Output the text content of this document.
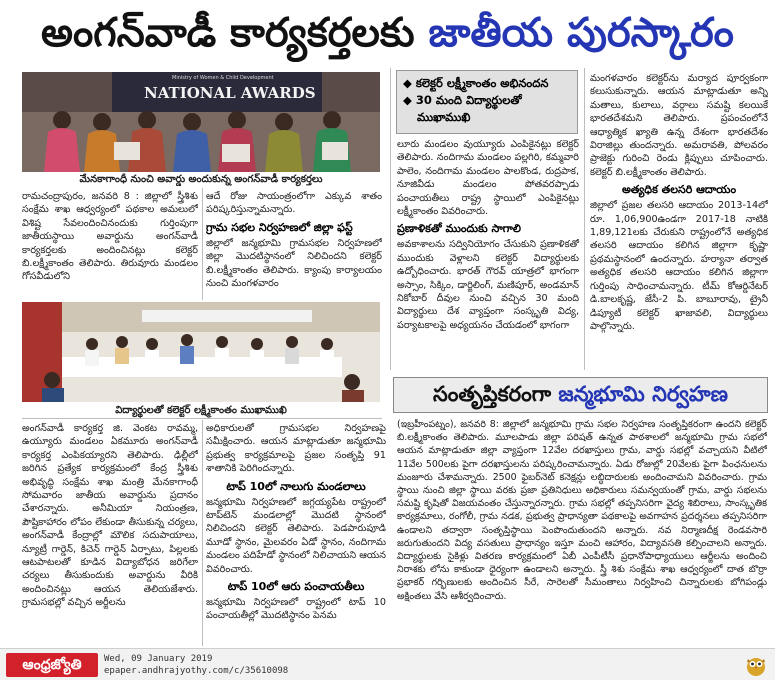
అంగన్‌వాడీ కార్యకర్తలకు జాతీయ పురస్కారం
Ministry of Women & Child Development
NATIONAL AWARDS
మేనకాగాంధీ నుంచి అవార్డు అందుకున్న అంగన్‌వాడీ కార్యకర్తలు

రామచంద్రాపురం, జనవరి 8 : జిల్లాలో స్త్రీశిశు సంక్షేమ శాఖ ఆధ్వర్యంలో పథకాల అమలులో విశిష్ట సేవలందించినందుకు గుర్తింపుగా జాతీయస్థాయి అవార్డును అంగన్‌వాడీ కార్యకర్తలకు అందించినట్లు కలెక్టర్ బి.లక్ష్మీకాంతం తెలిపారు. తిరువూరు మండలం గోసవీడులోని

ఆదే రోజు సాయంత్రంలోగా ఎక్కువ శాతం పరిష్కరిస్తున్నామన్నారు.

గ్రామ సభల నిర్వహణలో జిల్లా ఫస్ట్

జిల్లాలో జన్మభూమి గ్రామసభల నిర్వహణలో జిల్లా మొదటిస్థానంలో నిలిచిందని కలెక్టర్ బి.లక్ష్మీకాంతం తెలిపారు. క్యాంపు కార్యాలయం నుంచి మంగళవారం

విద్యార్థులతో కలెక్టర్ లక్ష్మీకాంతం ముఖాముఖి
◆ కలెక్టర్ లక్ష్మీకాంతం అభినందన
◆ 30 మంది విద్యార్థులతో
ముఖాముఖి

లూరు మండలం వుయ్యూరు ఎంపికైనట్లు కలెక్టర్ తెలిపారు. నందిగామ మండలం పల్లగిరి, కమ్మవారి పాలెం, నందిగామ మండలం పాలకొండ, రుద్రపాక, నూజివీడు మండలం పోతవరప్పాడు పంచాయతీలు రాష్ట్ర స్థాయిలో ఎంపికైనట్లు లక్ష్మీకాంతం వివరించారు.

ప్రణాళికతో ముందుకు సాగాలి

అవకాశాలను సద్వినియోగం చేసుకుని ప్రణాళికతో ముందుకు వెళ్లాలని కలెక్టర్ విద్యార్థులకు ఉద్బోధించారు. భారత్ గౌరవ్ యాత్రలో భాగంగా అస్సాం, సిక్కిం, డార్జిలింగ్, మణిపూర్, అండమాన్ నికోబార్ దీవుల నుంచి వచ్చిన 30 మంది విద్యార్థులు దేశ వ్యాప్తంగా సంస్కృతి విద్య, పర్యాటకాలపై అధ్యయనం చేయడంలో భాగంగా

మంగళవారం కలెక్టర్‌ను మర్యాద పూర్వకంగా కలుసుకున్నారు. ఆయన మాట్లాడుతూ అన్ని మతాలు, కులాలు, వర్గాలు సమష్టి కలయికే భారతదేశమని తెలిపారు. ప్రపంచంలోనే ఆధ్యాత్మిక ఖ్యాతి ఉన్న దేశంగా భారతదేశం విరాజిల్లు తుందన్నారు. అమరావతి, పోలవరం ప్రాజెక్టు గురించి రెండు క్లిప్పులు చూపించారు. కలెక్టర్ బి.లక్ష్మీకాంతం తెలిపారు.

అత్యధిక తలసరి ఆదాయం

జిల్లాలో ప్రజల తలసరి ఆదాయం 2013-14లో రూ. 1,06,900ఉండగా 2017-18 నాటికి 1,89,121లకు చేరుకుని రాష్ట్రంలోనే అత్యధిక తలసరి ఆదాయం కలిగిన జిల్లాగా కృష్ణా ప్రథమస్థానంలో ఉందన్నారు. హర్యానా తర్వాత అత్యధిక తలసరి ఆదాయం కలిగిన జిల్లాగా గుర్తింపు సాధించామన్నారు. టీమ్ కోఆర్డినేటర్ డి.బాలకృష్ణ, జేసీ-2 పి. బాబూరావు, ట్రైనీ డిప్యూటీ కలెక్టర్ ఖాజావలి, విద్యార్థులు పాల్గొన్నారు.

అంగన్‌వాడీ కార్యకర్త జి. వెంకట రావమ్మ, ఉయ్యూరు మండలం ఏకమూరు అంగన్‌వాడీ కార్యకర్త ఎంపికయ్యారని తెలిపారు. ఢిల్లీలో జరిగిన ప్రత్యేక కార్యక్రమంలో కేంద్ర స్త్రీశిశు అభివృద్ధి సంక్షేమ శాఖ మంత్రి మేనకాగాంధీ సోమవారం జాతీయ అవార్డును ప్రదానం చేశారన్నారు. అనీమియా నియంత్రణ, పౌష్టికాహారం లోపం లేకుండా తీసుకున్న చర్యలు, అంగన్‌వాడీ కేంద్రాల్లో మౌలిక సదుపాయాలు, న్యూట్రీ గార్డెన్, కిచెన్ గార్డెన్ ఏర్పాటు, పిల్లలకు ఆటపాటలతో కూడిన విద్యాబోధన జరిగేలా చర్యలు తీసుకుందుకు అవార్డును వీరికి అందించినట్లు ఆయన తెలియజేశారు. గ్రామసభల్లో వచ్చిన అర్జీలను

అధికారులతో గ్రామసభల నిర్వహణపై సమీక్షించారు. ఆయన మాట్లాడుతూ జన్మభూమి ప్రభుత్వ కార్యక్రమాలపై ప్రజల సంతృప్తి 91 శాతానికి పెరిగిందన్నారు.

టాప్ 10లో నాలుగు మండలాలు

జన్మభూమి నిర్వహణలో జగ్గయ్యపేట రాష్ట్రంలో టాప్‌టెన్ మండలాల్లో మొదటి స్థానంలో నిలిచిందని కలెక్టర్ తెలిపారు. పెడపారుపూడి మూడో స్థానం, మైలవరం ఏడో స్థానం, నందిగామ మండలం పదిహేడో స్థానంలో నిలిచాయని ఆయన వివరించారు.

టాప్ 10లో ఆరు పంచాయతీలు

జన్మభూమి నిర్వహణలో రాష్ట్రంలో టాప్ 10 పంచాయతీల్లో మొదటిస్థానం పెనమ

సంతృప్తికరంగా జన్మభూమి నిర్వహణ

(ఇబ్రహీంపట్నం), జనవరి 8: జిల్లాలో జన్మభూమి గ్రామ సభల నిర్వహణ సంతృప్తికరంగా ఉందని కలెక్టర్ బి.లక్ష్మీకాంతం తెలిపారు. మూలపాడు జిల్లా పరిషత్ ఉన్నత పాఠశాలలో జన్మభూమి గ్రామ సభలో ఆయన మాట్లాడుతూ జిల్లా వ్యాప్తంగా 12వేల దరఖాస్తులు గ్రామ, వార్డు సభల్లో వచ్చాయని వీటిలో 11వేల 500లకు పైగా దరఖాస్తులను పరిష్కరించామన్నారు. ఏడు రోజుల్లో 20వేలకు పైగా పింఛనులను మంజూరు చేశామన్నారు. 2500 ఫైబర్‌నెట్ కనెక్షన్లు లబ్ధిదారులకు అందించామని వివరించారు. గ్రామ స్థాయి నుంచి జిల్లా స్థాయి వరకు ప్రజా ప్రతినిధులు అధికారులు సమన్వయంతో గ్రామ, వార్డు సభలను సమష్టి కృషితో విజయవంతం చేస్తున్నారన్నారు. గ్రామ సభల్లో తప్పనిసరిగా వైద్య శిబిరాలు, సాంస్కృతిక కార్యక్రమాలు, రంగోలీ, గ్రామ నడక, ప్రభుత్వ ప్రాధాన్యతా పథకాలపై అవగాహన ప్రదర్శనలు తప్పనిసరిగా ఉండాలని తద్వారా సంతృప్తిస్థాయి పెంపొందుతుందని అన్నారు. నవ నిర్మాణదీక్ష రెండవసారి జరుగుతుందని విద్య వసతులు ప్రాధాన్యం ఇస్తూ మంచి ఆహారం, విద్యావసతి కల్పించాలని అన్నారు. విద్యార్థులకు సైకిళ్లు వితరణ కార్యక్రమంలో ఏబీ ఎంపీటీసీ ప్రధానోపాధ్యాయులు ఆర్జీలను అందించి నిరాశకు లోను కాకుండా ధైర్యంగా ఉండాలని అన్నారు. స్త్రీ శిశు సంక్షేమ శాఖ ఆధ్వర్యంలో దాత బొర్రా ప్రభాకర్ గర్భిణులకు అందించిన సీరే, సారెలతో సీమంతాలు నిర్వహించి చిన్నారులకు బోగిపండ్లు అక్షింతలు వేసి ఆశీర్వదించారు.

ఆంధ్రజ్యోతి	Wed, 09 January 2019
epaper.andhrajyothy.com/c/35610098
